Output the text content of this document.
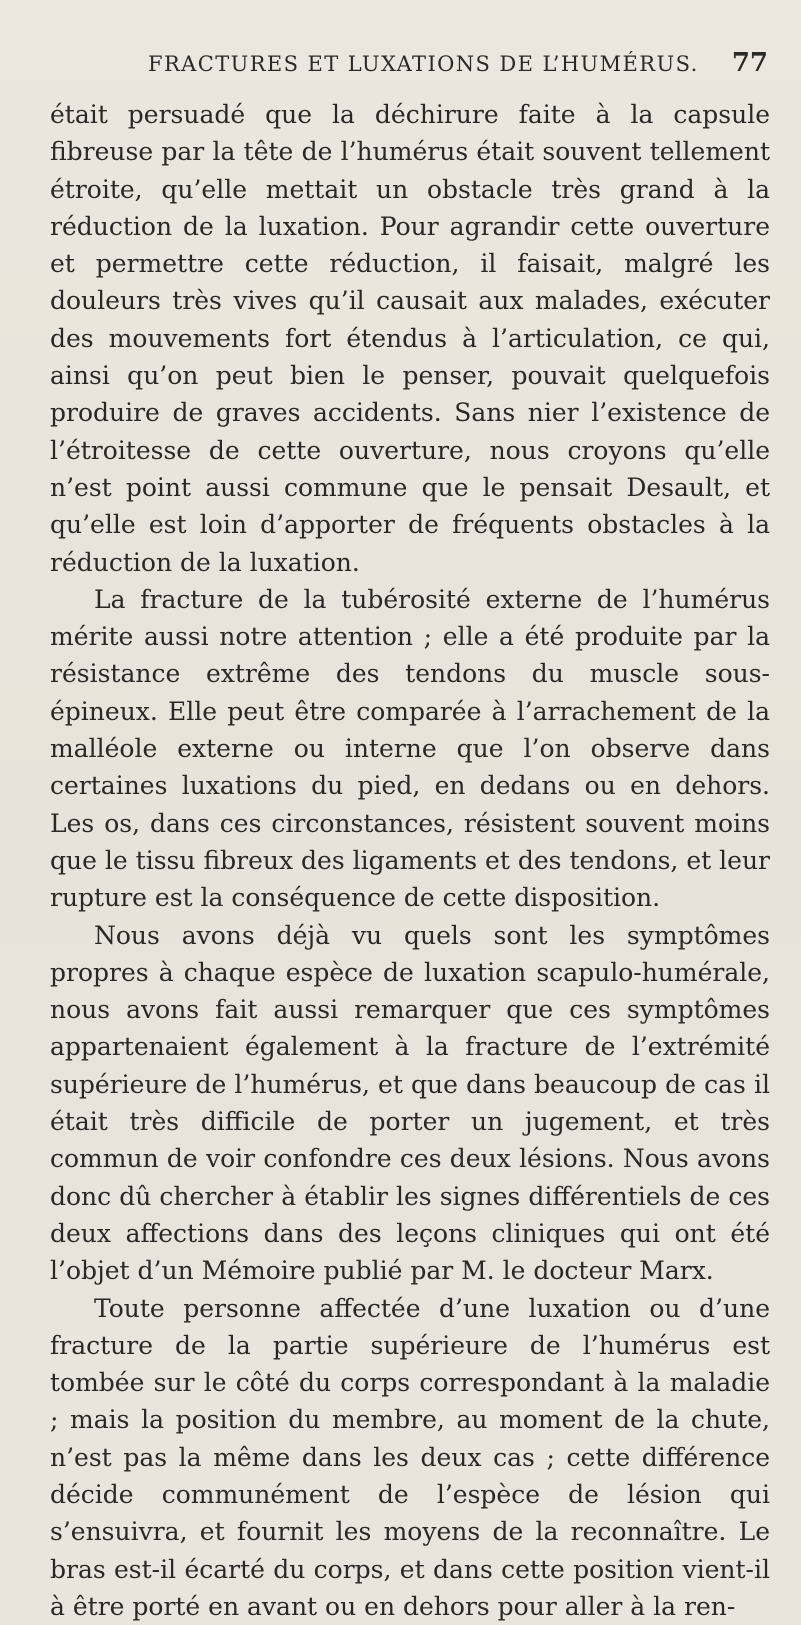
FRACTURES ET LUXATIONS DE L’HUMÉRUS. 77

était persuadé que la déchirure faite à la capsule fibreuse par la tête de l’humérus était souvent tellement étroite, qu’elle mettait un obstacle très grand à la réduction de la luxation. Pour agrandir cette ouverture et permettre cette réduction, il faisait, malgré les douleurs très vives qu’il causait aux malades, exécuter des mouvements fort étendus à l’articulation, ce qui, ainsi qu’on peut bien le penser, pouvait quelquefois produire de graves accidents. Sans nier l’existence de l’étroitesse de cette ouverture, nous croyons qu’elle n’est point aussi commune que le pensait Desault, et qu’elle est loin d’apporter de fréquents obstacles à la réduction de la luxation.

La fracture de la tubérosité externe de l’humérus mérite aussi notre attention ; elle a été produite par la résistance extrême des tendons du muscle sous-épineux. Elle peut être comparée à l’arrachement de la malléole externe ou interne que l’on observe dans certaines luxations du pied, en dedans ou en dehors. Les os, dans ces circonstances, résistent souvent moins que le tissu fibreux des ligaments et des tendons, et leur rupture est la conséquence de cette disposition.

Nous avons déjà vu quels sont les symptômes propres à chaque espèce de luxation scapulo-humérale, nous avons fait aussi remarquer que ces symptômes appartenaient également à la fracture de l’extrémité supérieure de l’humérus, et que dans beaucoup de cas il était très difficile de porter un jugement, et très commun de voir confondre ces deux lésions. Nous avons donc dû chercher à établir les signes différentiels de ces deux affections dans des leçons cliniques qui ont été l’objet d’un Mémoire publié par M. le docteur Marx.

Toute personne affectée d’une luxation ou d’une fracture de la partie supérieure de l’humérus est tombée sur le côté du corps correspondant à la maladie ; mais la position du membre, au moment de la chute, n’est pas la même dans les deux cas ; cette différence décide communément de l’espèce de lésion qui s’ensuivra, et fournit les moyens de la reconnaître. Le bras est-il écarté du corps, et dans cette position vient-il à être porté en avant ou en dehors pour aller à la ren-
